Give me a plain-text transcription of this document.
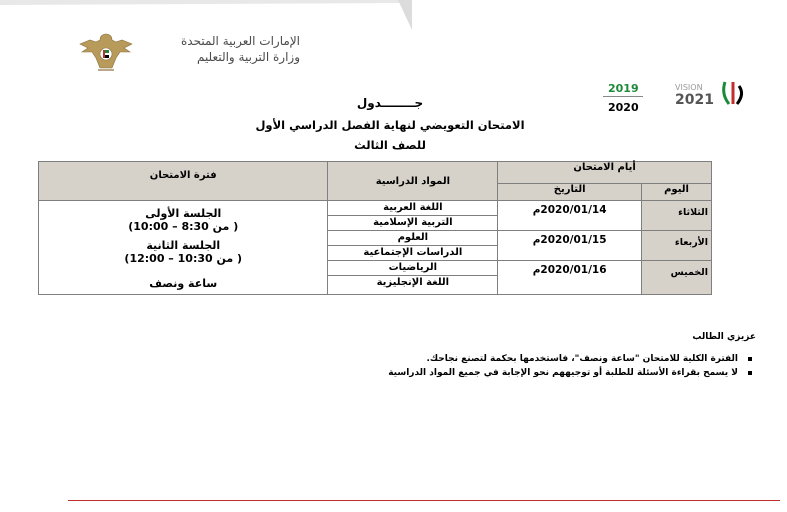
الإمارات العربية المتحدة
وزارة التربية والتعليم
2019
2020
VISION
2021
جــــــــدول
الامتحان التعويضي لنهاية الفصل الدراسي الأول
للصف الثالث
أيام الامتحان		المواد الدراسية	فترة الامتحان
اليوم	التاريخ		
الثلاثاء	2020/01/14م	اللغة العربية	الجلسة الأولى
( من 8:30 – 10:00)
الجلسة الثانية
( من 10:30 – 12:00)
ساعة ونصف

		التربية الإسلامية	
الأربعاء	2020/01/15م	العلوم	
		الدراسات الإجتماعية	
الخميس	2020/01/16م	الرياضيات	
		اللغة الإنجليزية	
عزيزي الطالب
الفترة الكلية للامتحان "ساعة ونصف"، فاستخدمها بحكمة لتصنع نجاحك.
لا يسمح بقراءة الأسئلة للطلبة أو توجيههم نحو الإجابة في جميع المواد الدراسية
